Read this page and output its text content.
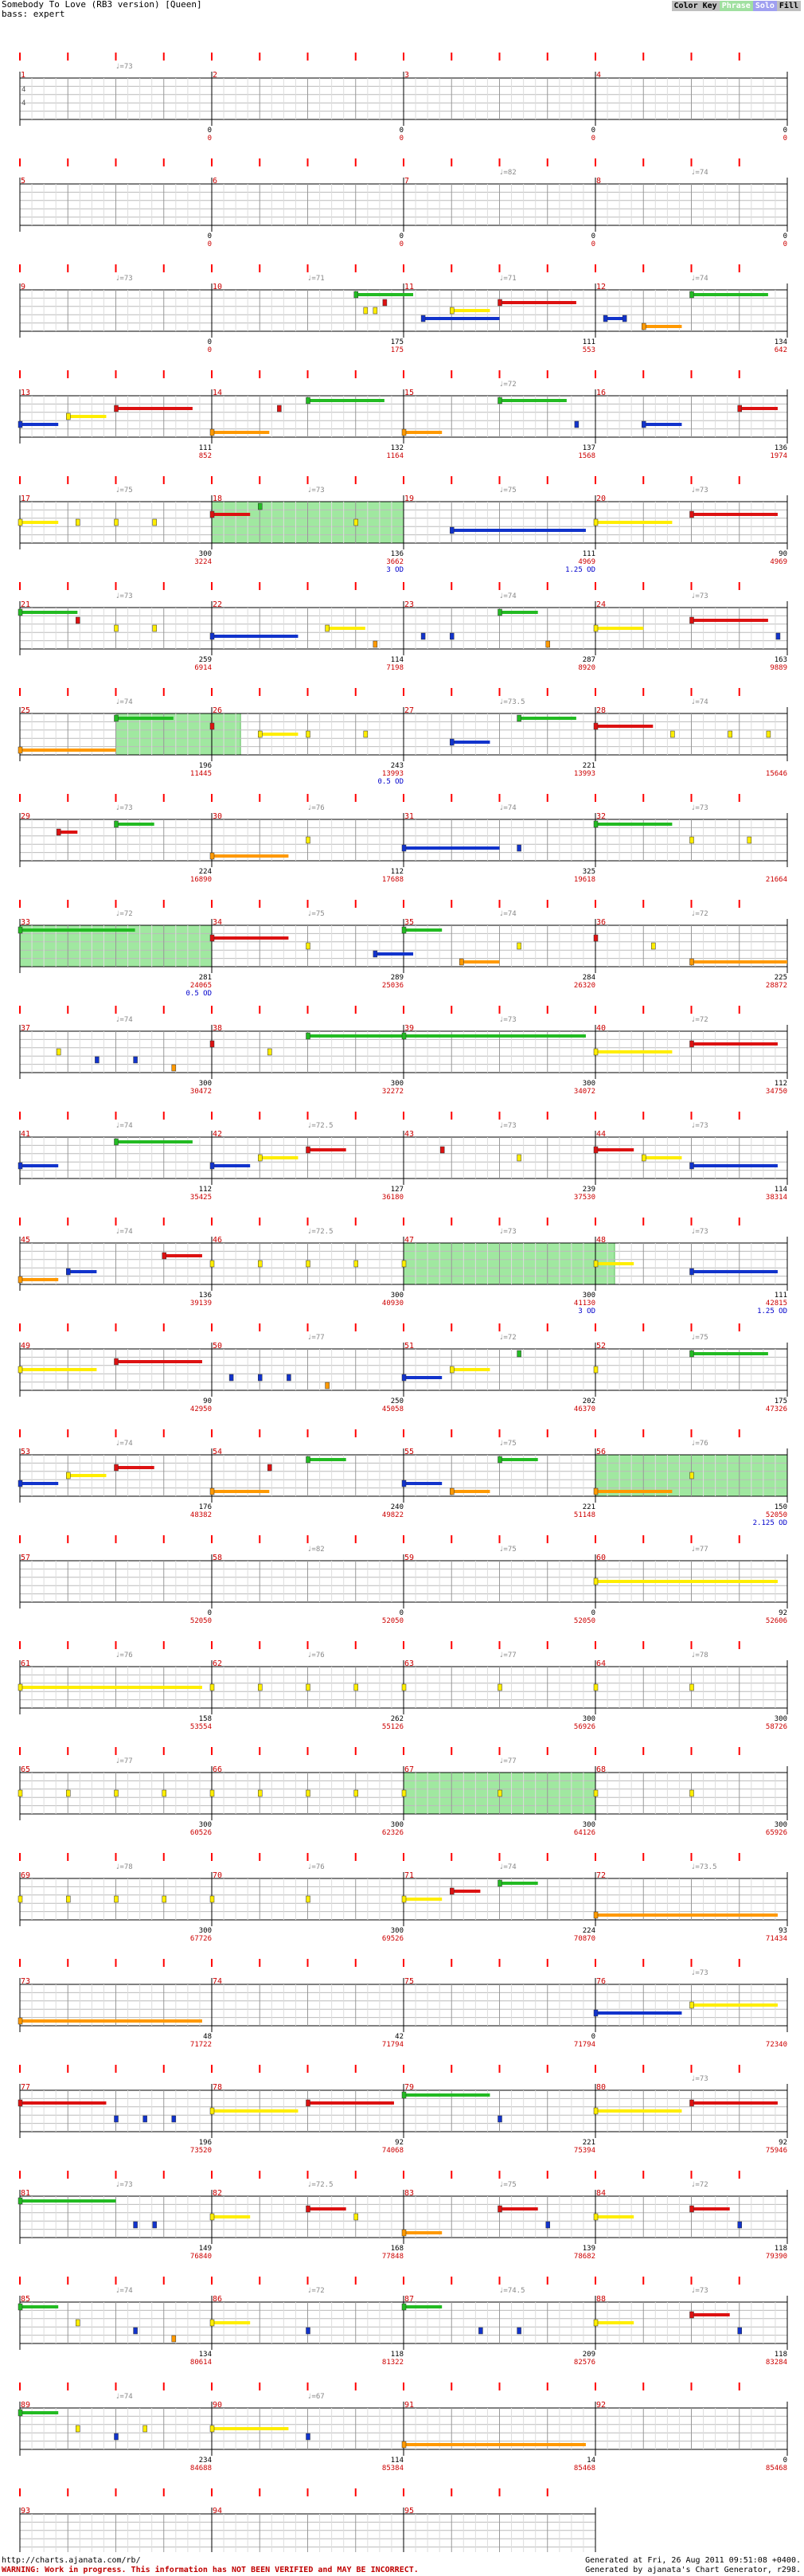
Somebody To Love (RB3 version) [Queen]
bass: expert
Color Key Phrase Solo Fill
1
♩=73
4
4
0
0
2
0
0
3
0
0
4
0
0
5
0
0
6
0
0
7
♩=82
0
0
8
♩=74
0
0
9
♩=73
0
0
10
♩=71
175
175
11
♩=71
111
553
12
♩=74
134
642
13
111
852
14
132
1164
15
♩=72
137
1568
16
136
1974
17
♩=75
300
3224
18
♩=73
136
3662
3 OD
19
♩=75
111
4969
1.25 OD
20
♩=73
90
4969
21
♩=73
259
6914
22
114
7198
23
♩=74
287
8920
24
♩=73
163
9889
25
♩=74
196
11445
26
243
13993
0.5 OD
27
♩=73.5
221
13993
28
♩=74
15646
29
♩=73
224
16890
30
♩=76
112
17688
31
♩=74
325
19618
32
♩=73
21664
33
♩=72
281
24065
0.5 OD
34
♩=75
289
25036
35
♩=74
284
26320
36
♩=72
225
28872
37
♩=74
300
30472
38
300
32272
39
♩=73
300
34072
40
♩=72
112
34750
41
♩=74
112
35425
42
♩=72.5
127
36180
43
♩=73
239
37530
44
♩=73
114
38314
45
♩=74
136
39139
46
♩=72.5
300
40930
47
♩=73
300
41130
3 OD
48
♩=73
111
42815
1.25 OD
49
90
42950
50
♩=77
250
45058
51
♩=72
202
46370
52
♩=75
175
47326
53
♩=74
176
48382
54
240
49822
55
♩=75
221
51148
56
♩=76
150
52050
2.125 OD
57
0
52050
58
♩=82
0
52050
59
♩=75
0
52050
60
♩=77
92
52606
61
♩=76
158
53554
62
♩=76
262
55126
63
♩=77
300
56926
64
♩=78
300
58726
65
♩=77
300
60526
66
300
62326
67
♩=77
300
64126
68
300
65926
69
♩=78
300
67726
70
♩=76
300
69526
71
♩=74
224
70870
72
♩=73.5
93
71434
73
48
71722
74
42
71794
75
0
71794
76
♩=73
72340
77
196
73520
78
92
74068
79
221
75394
80
♩=73
92
75946
81
♩=73
149
76840
82
♩=72.5
168
77848
83
♩=75
139
78682
84
♩=72
118
79390
85
♩=74
134
80614
86
♩=72
118
81322
87
♩=74.5
209
82576
88
♩=73
118
83284
89
♩=74
234
84688
90
♩=67
114
85384
91
14
85468
92
0
85468
93	94	95
http://charts.ajanata.com/rb/
WARNING: Work in progress. This information has NOT BEEN VERIFIED and MAY BE INCORRECT.
Generated at Fri, 26 Aug 2011 09:51:08 +0400.
Generated by ajanata's Chart Generator, r298.
